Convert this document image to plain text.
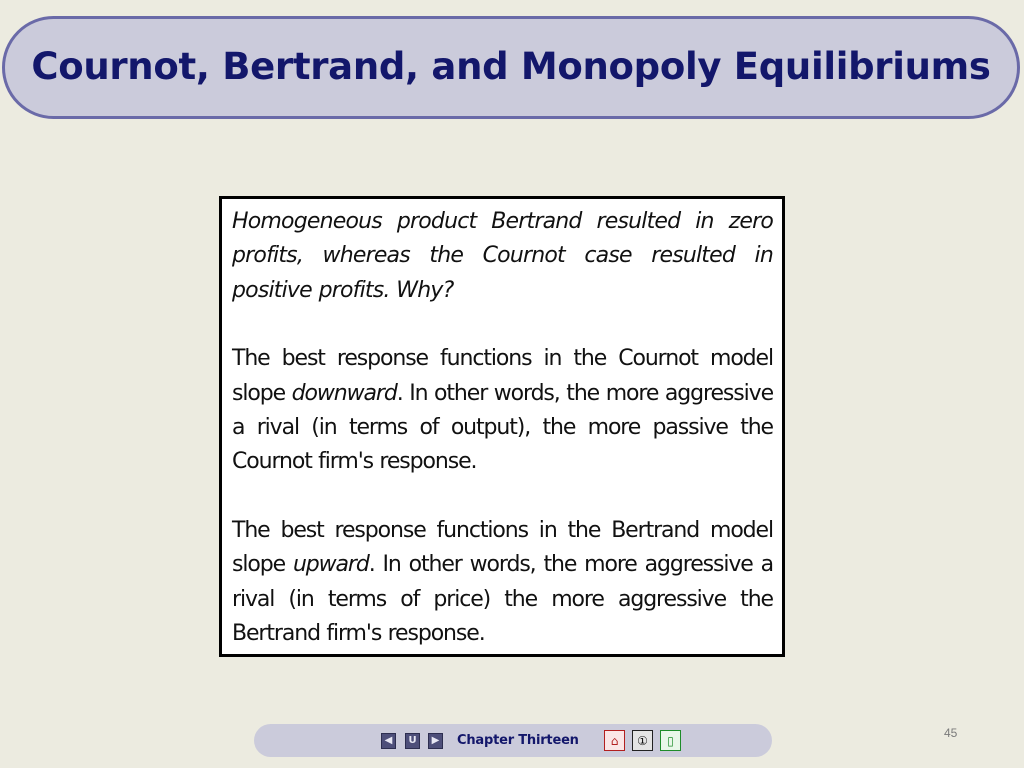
Cournot, Bertrand, and Monopoly Equilibriums

Homogeneous product Bertrand resulted in zero profits, whereas the Cournot case resulted in positive profits. Why?

The best response functions in the Cournot model slope downward. In other words, the more aggressive a rival (in terms of output), the more passive the Cournot firm's response.

The best response functions in the Bertrand model slope upward. In other words, the more aggressive a rival (in terms of price) the more aggressive the Bertrand firm's response.

◀ U ▶ Chapter Thirteen	⌂ ① ▯
45
